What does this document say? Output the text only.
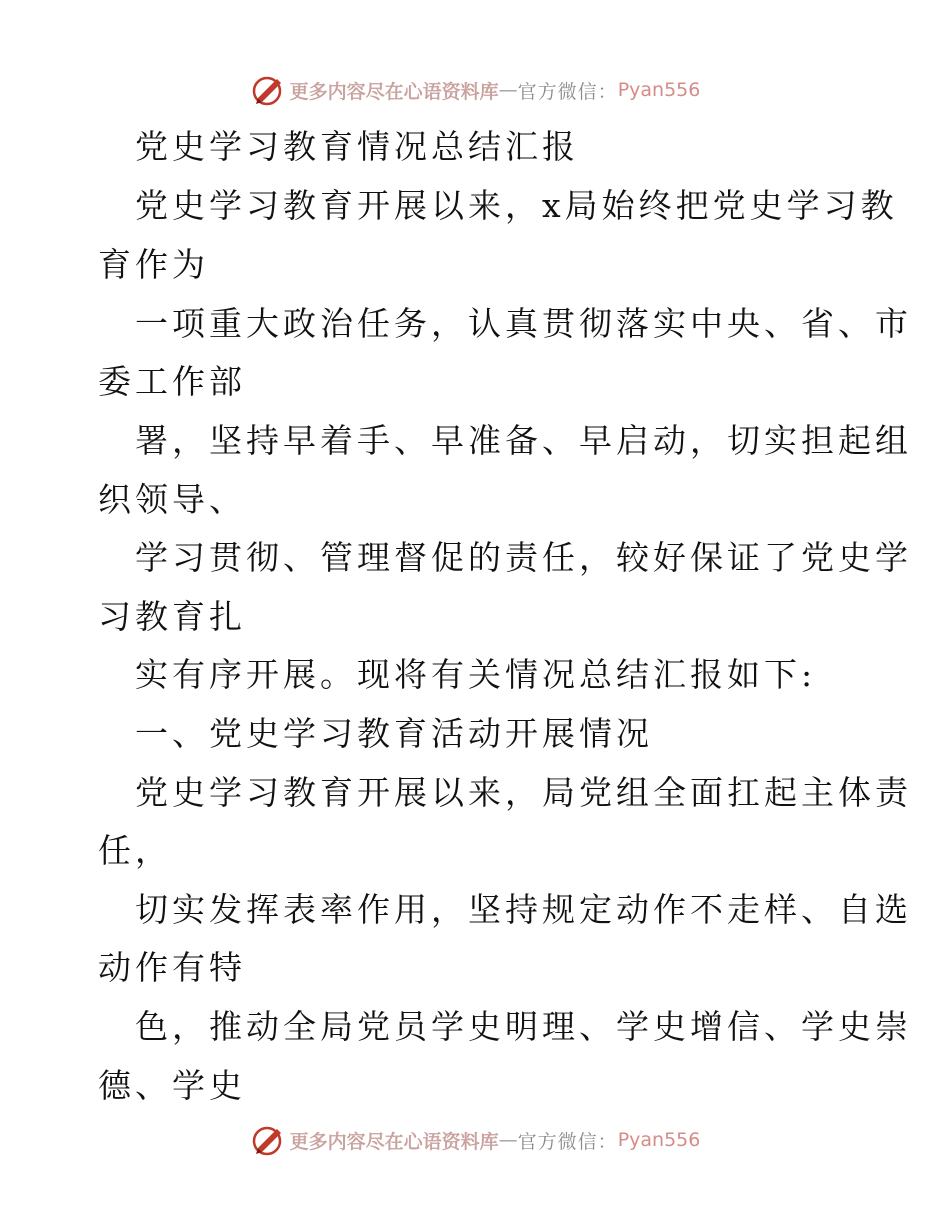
更多内容尽在心语资料库 — 官方微信： Pyan556
党史学习教育情况总结汇报
党史学习教育开展以来，x局始终把党史学习教
育作为
一项重大政治任务，认真贯彻落实中央、省、市
委工作部
署，坚持早着手、早准备、早启动，切实担起组
织领导、
学习贯彻、管理督促的责任，较好保证了党史学
习教育扎
实有序开展。现将有关情况总结汇报如下:
一、党史学习教育活动开展情况
党史学习教育开展以来，局党组全面扛起主体责
任，
切实发挥表率作用，坚持规定动作不走样、自选
动作有特
色，推动全局党员学史明理、学史增信、学史崇
德、学史
更多内容尽在心语资料库 — 官方微信： Pyan556
